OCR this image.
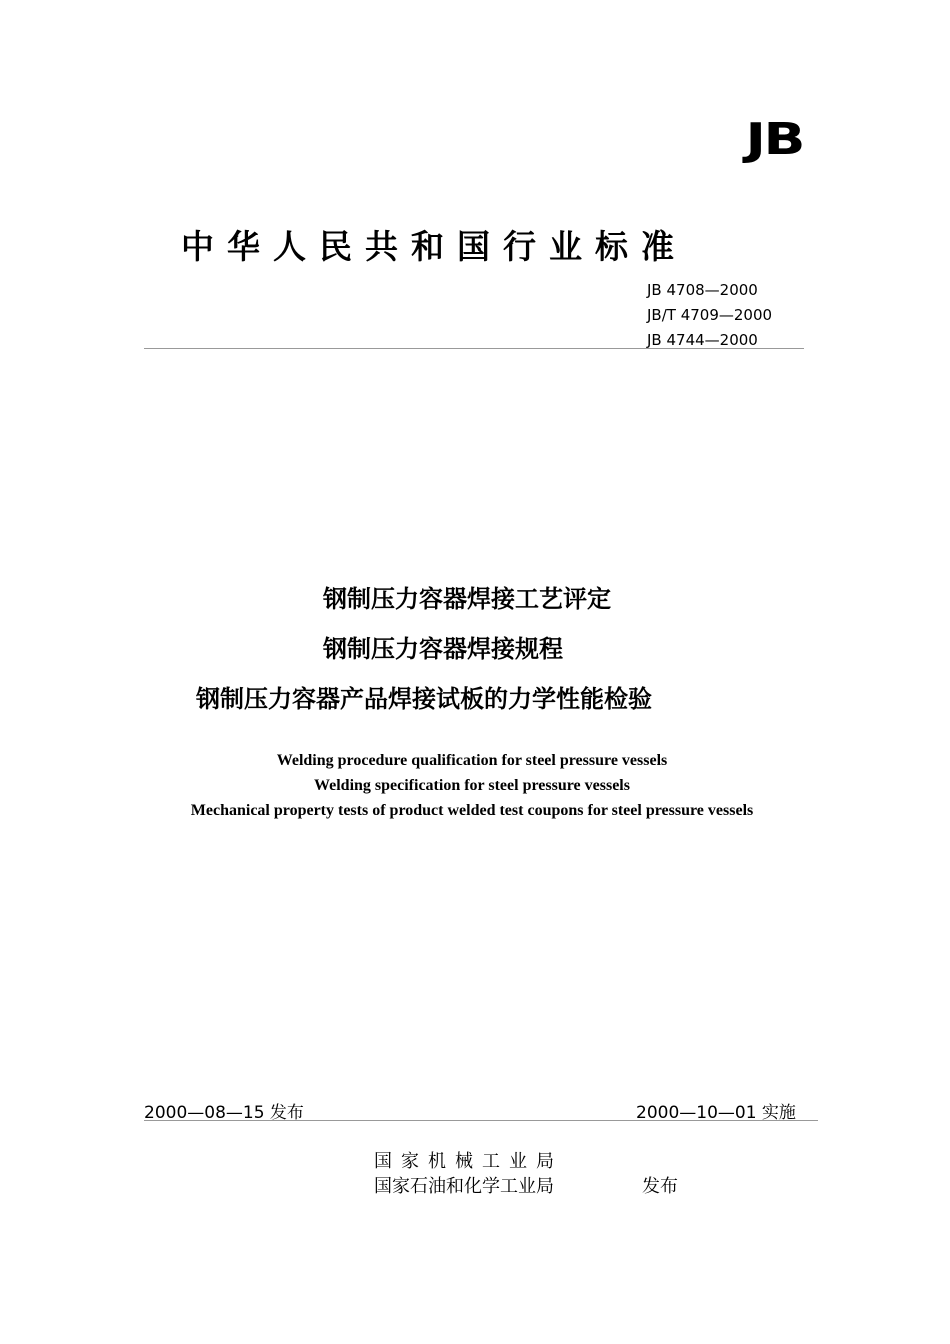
JB
中华人民共和国行业标准
JB 4708—2000
JB/T 4709—2000
JB 4744—2000
钢制压力容器焊接工艺评定
钢制压力容器焊接规程
钢制压力容器产品焊接试板的力学性能检验
Welding procedure qualification for steel pressure vessels
Welding specification for steel pressure vessels
Mechanical property tests of product welded test coupons for steel pressure vessels
2000—08—15 发布	2000—10—01 实施
国家机械工业局
国家石油和化学工业局	发布
